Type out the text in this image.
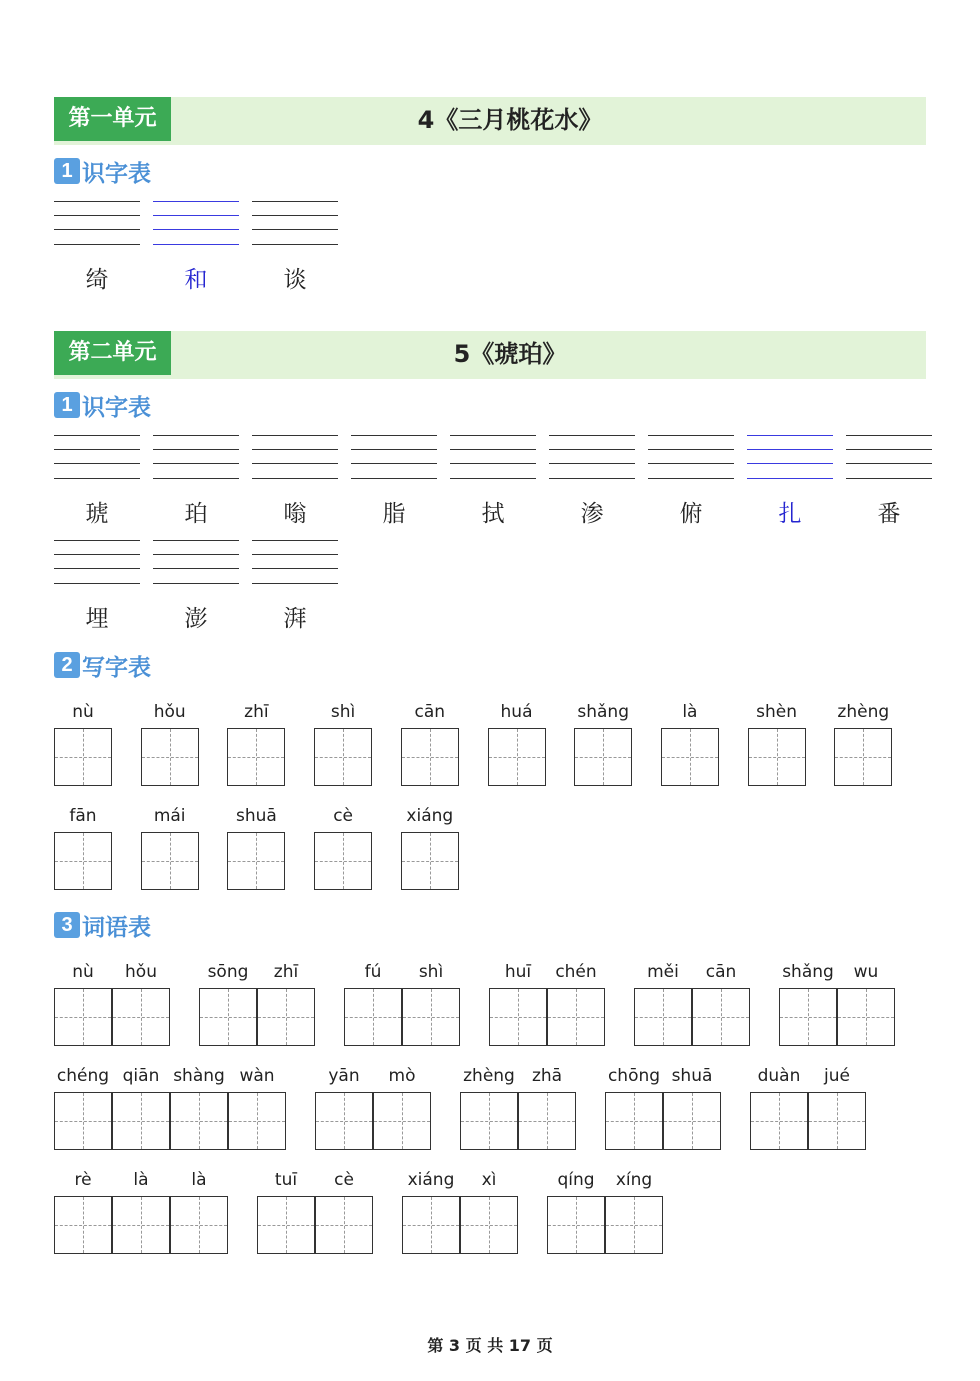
第一单元	4《三月桃花水》
1 识字表
绮	和	谈
第二单元	5《琥珀》
1 识字表
琥	珀	嗡	脂	拭	渗	俯	扎	番
埋	澎	湃
2 写字表
nù	hǒu	zhī	shì	cān	huá	shǎng	là	shèn	zhèng
fān	mái	shuā	cè	xiáng
3 词语表
nù	hǒu	sōng	zhī	fú	shì	huī	chén	měi	cān	shǎng	wu
chéng qiān shàng wàn	yān	mò	zhèng	zhā	chōng shuā	duàn	jué
rè	là	là	tuī	cè	xiáng	xì	qíng	xíng
第 3 页 共 17 页
